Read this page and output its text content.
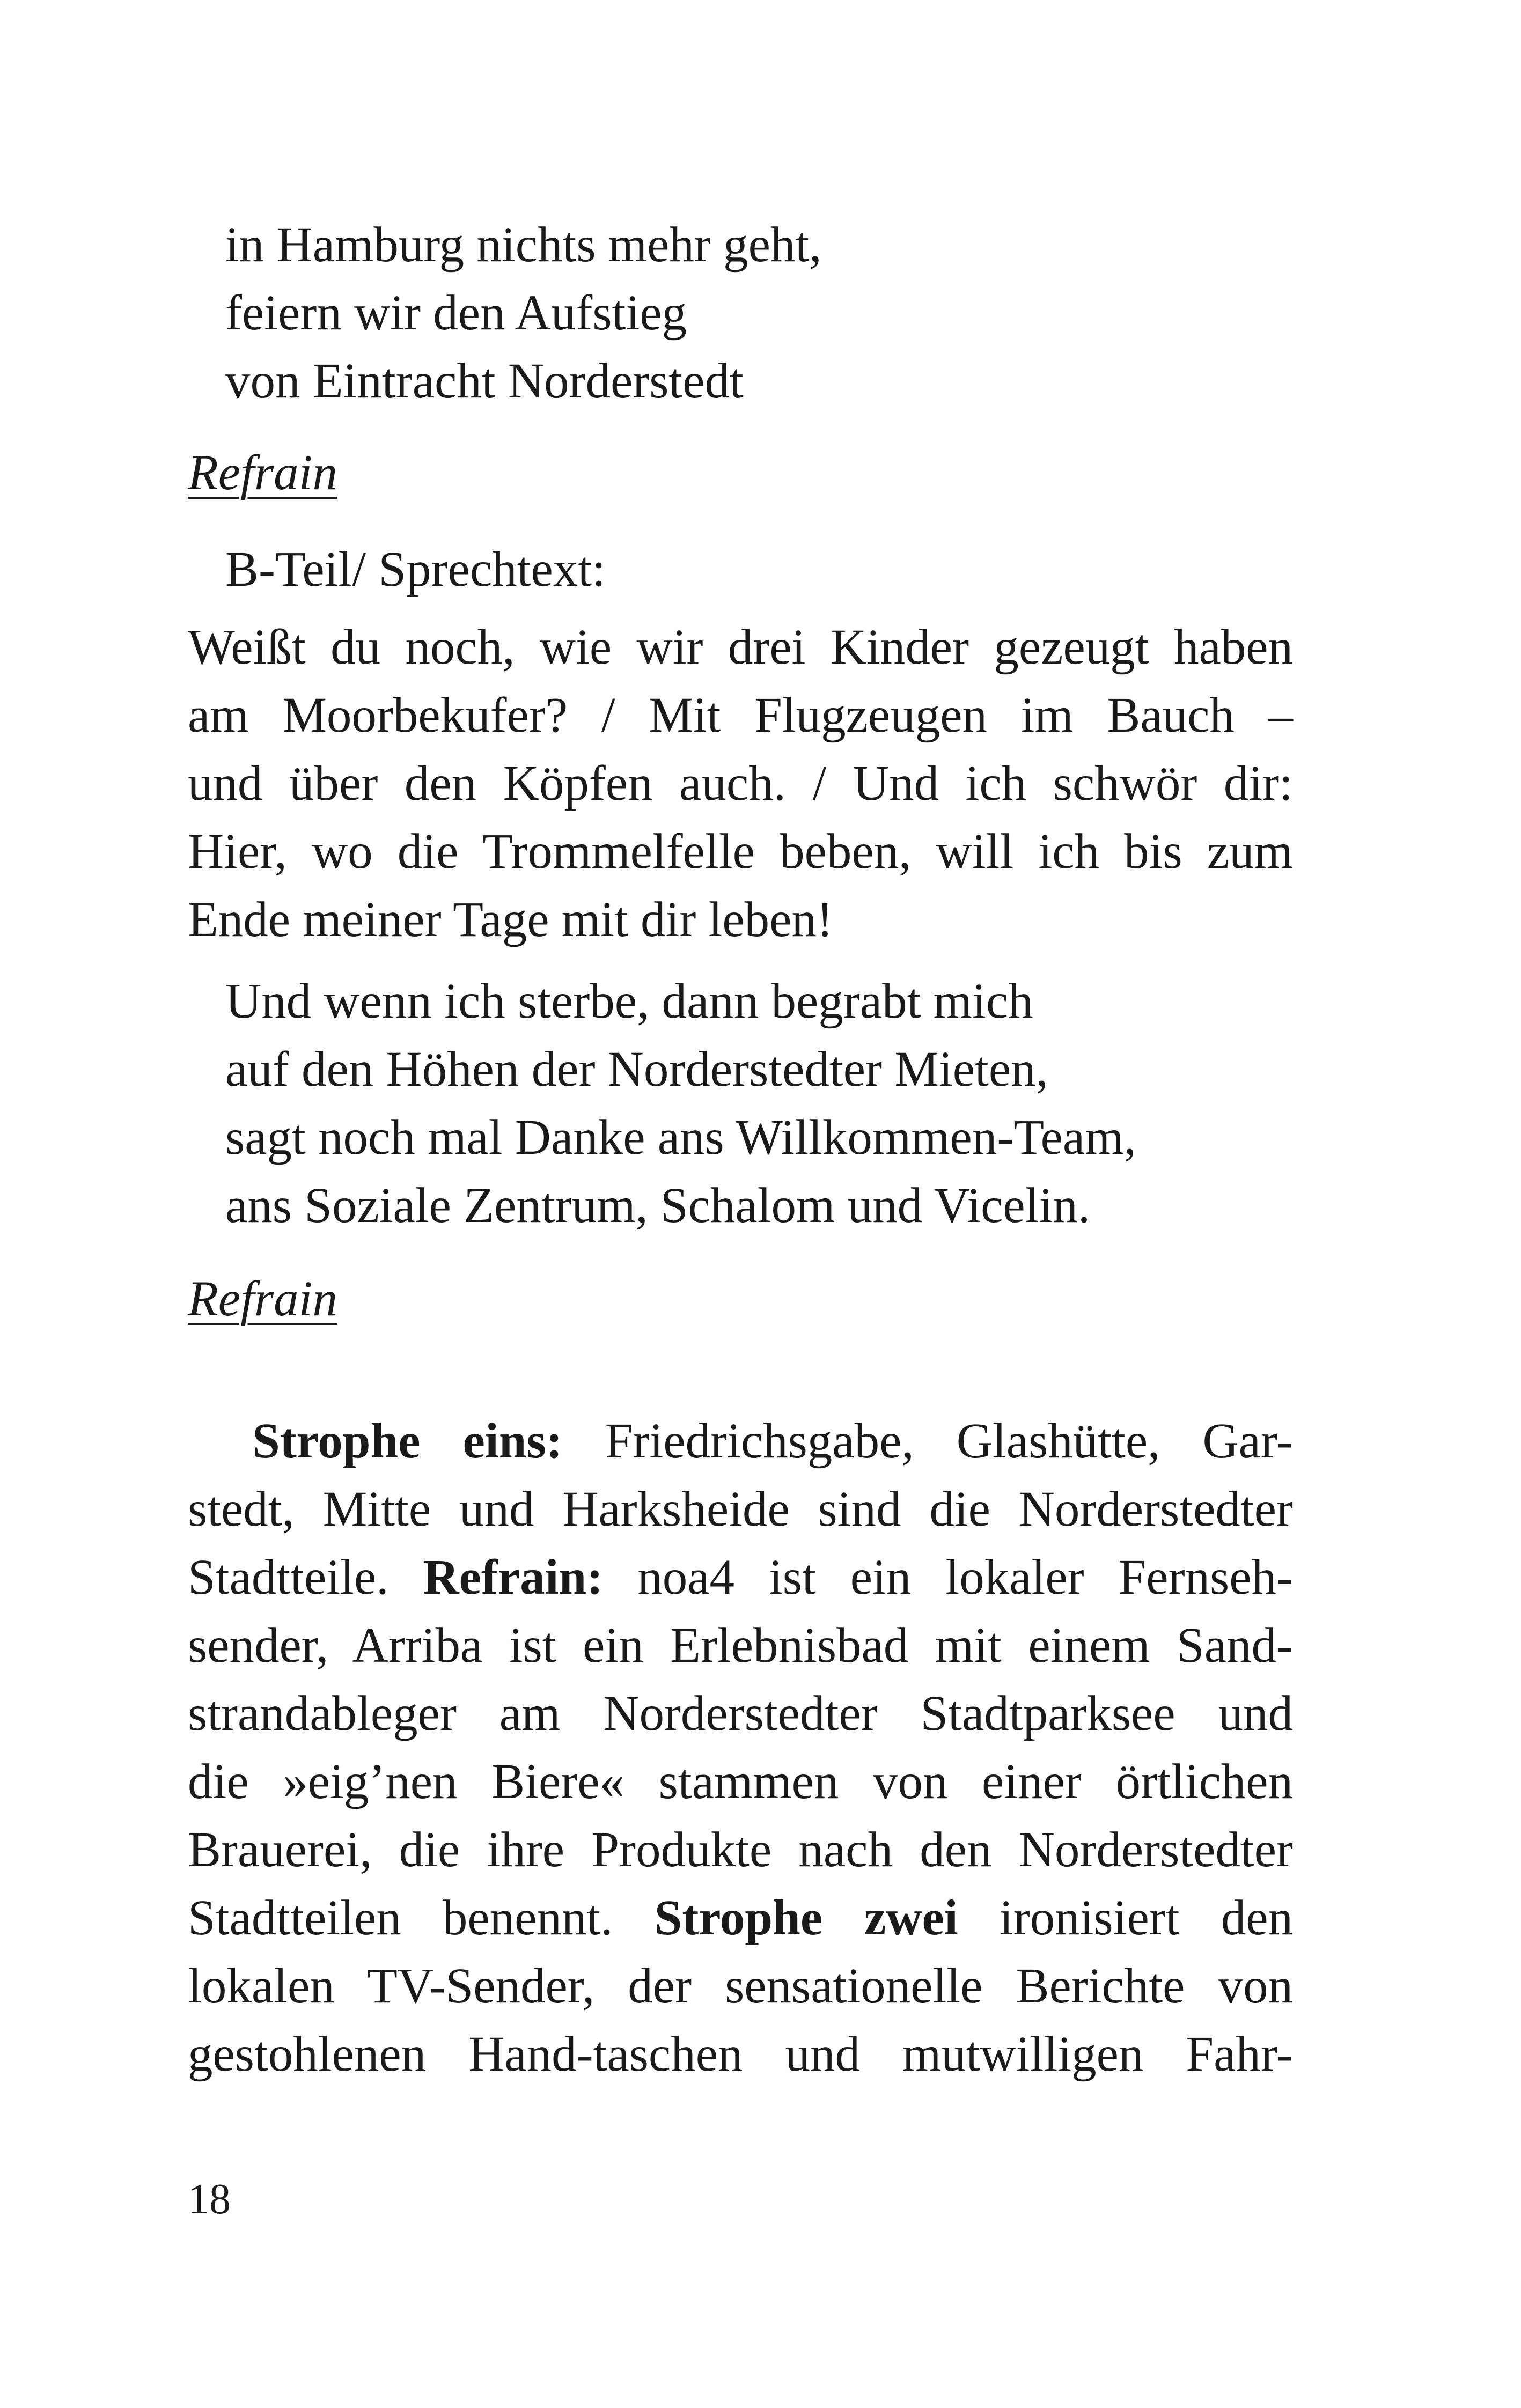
in Hamburg nichts mehr geht,
feiern wir den Aufstieg
von Eintracht Norderstedt
Refrain
B-Teil/ Sprechtext:
Weißt du noch, wie wir drei Kinder gezeugt haben
am Moorbekufer? / Mit Flugzeugen im Bauch –
und über den Köpfen auch. / Und ich schwör dir:
Hier, wo die Trommelfelle beben, will ich bis zum
Ende meiner Tage mit dir leben!
Und wenn ich sterbe, dann begrabt mich
auf den Höhen der Norderstedter Mieten,
sagt noch mal Danke ans Willkommen-Team,
ans Soziale Zentrum, Schalom und Vicelin.
Refrain
Strophe eins: Friedrichsgabe, Glashütte, Gar-
stedt, Mitte und Harksheide sind die Norderstedter
Stadtteile. Refrain: noa4 ist ein lokaler Fernseh-
sender, Arriba ist ein Erlebnisbad mit einem Sand-
strandableger am Norderstedter Stadtparksee und
die »eig’nen Biere« stammen von einer örtlichen
Brauerei, die ihre Produkte nach den Norderstedter
Stadtteilen benennt. Strophe zwei ironisiert den
lokalen TV-Sender, der sensationelle Berichte von
gestohlenen Hand-taschen und mutwilligen Fahr-
18
